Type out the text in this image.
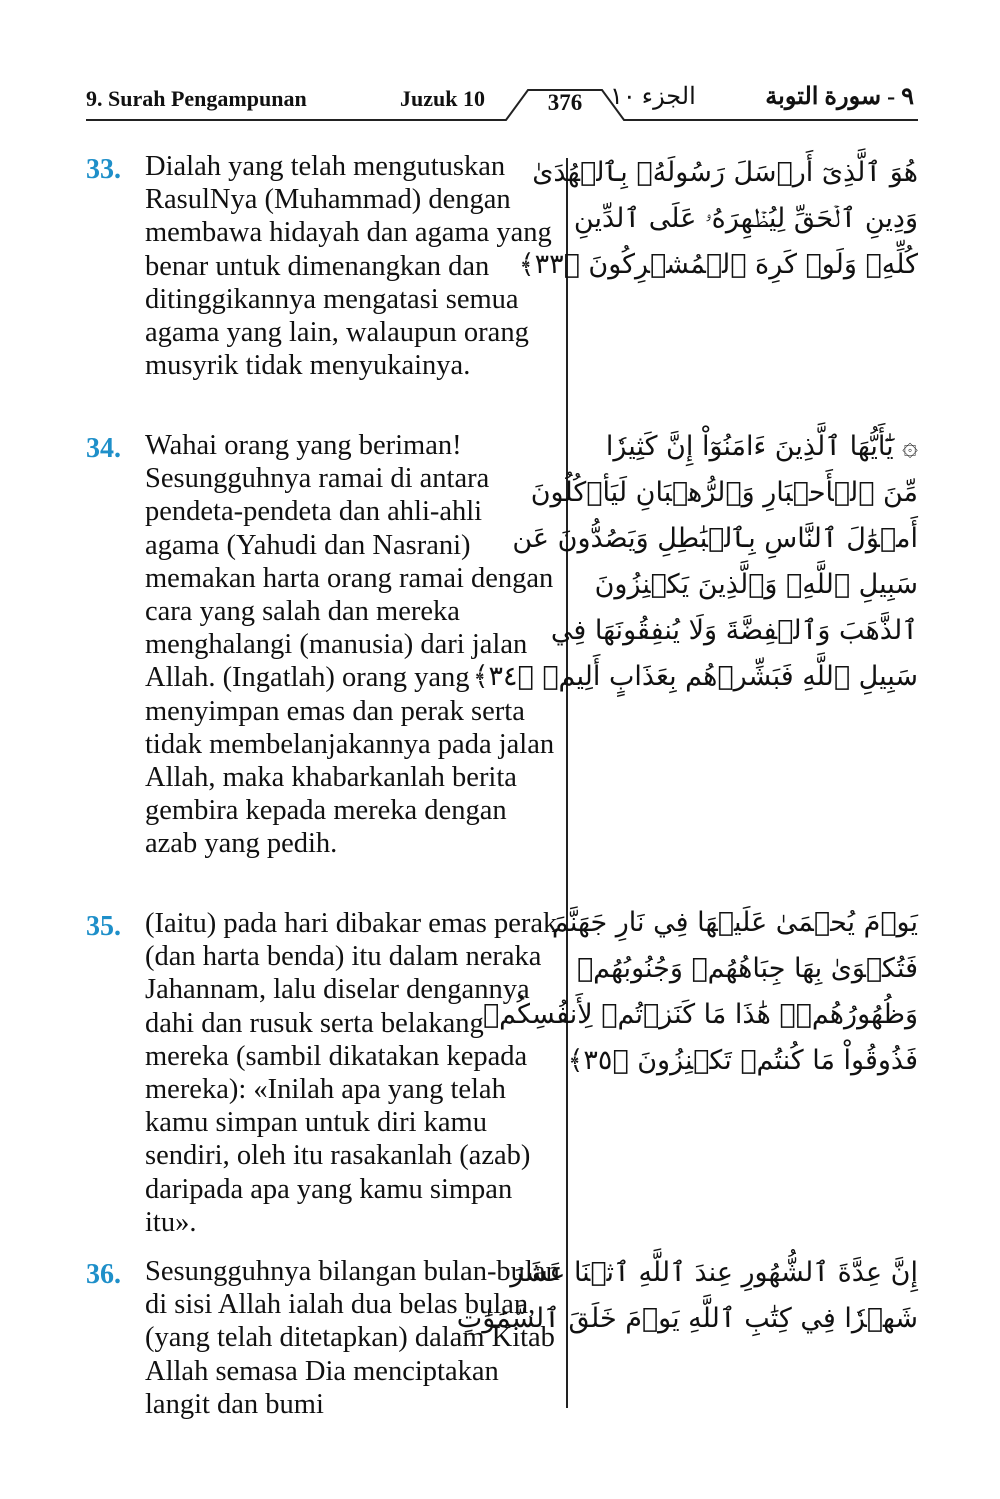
9. Surah Pengampunan	Juzuk 10	376	الجزء ١٠	٩ - سورة التوبة
33. Dialah yang telah mengutuskan RasulNya (Muhammad) dengan membawa hidayah dan agama yang benar untuk dimenangkan dan ditinggikannya mengatasi semua agama yang lain, walaupun orang musyrik tidak menyukainya.
هُوَ ٱلَّذِىٓ أَرۡسَلَ رَسُولَهُۥ بِٱلۡهُدَىٰ
وَدِينِ ٱلۡحَقِّ لِيُظۡهِرَهُۥ عَلَى ٱلدِّينِ
كُلِّهِۦ وَلَوۡ كَرِهَ ٱلۡمُشۡرِكُونَ ﴿٣٣﴾
34. Wahai orang yang beriman! Sesungguhnya ramai di antara pendeta-pendeta dan ahli-ahli agama (Yahudi dan Nasrani) memakan harta orang ramai dengan cara yang salah dan mereka menghalangi (manusia) dari jalan Allah. (Ingatlah) orang yang menyimpan emas dan perak serta tidak membelanjakannya pada jalan Allah, maka khabarkanlah berita gembira kepada mereka dengan azab yang pedih.
۞ يَٰٓأَيُّهَا ٱلَّذِينَ ءَامَنُوٓاْ إِنَّ كَثِيرٗا
مِّنَ ٱلۡأَحۡبَارِ وَٱلرُّهۡبَانِ لَيَأۡكُلُونَ
أَمۡوَٰلَ ٱلنَّاسِ بِٱلۡبَٰطِلِ وَيَصُدُّونَ عَن
سَبِيلِ ٱللَّهِۗ وَٱلَّذِينَ يَكۡنِزُونَ
ٱلذَّهَبَ وَٱلۡفِضَّةَ وَلَا يُنفِقُونَهَا فِي
سَبِيلِ ٱللَّهِ فَبَشِّرۡهُم بِعَذَابٍ أَلِيمٖ ﴿٣٤﴾
35. (Iaitu) pada hari dibakar emas perak (dan harta benda) itu dalam neraka Jahannam, lalu diselar dengannya dahi dan rusuk serta belakang mereka (sambil dikatakan kepada mereka): «Inilah apa yang telah kamu simpan untuk diri kamu sendiri, oleh itu rasakanlah (azab) daripada apa yang kamu simpan itu».
يَوۡمَ يُحۡمَىٰ عَلَيۡهَا فِي نَارِ جَهَنَّمَ
فَتُكۡوَىٰ بِهَا جِبَاهُهُمۡ وَجُنُوبُهُمۡ
وَظُهُورُهُمۡۖ هَٰذَا مَا كَنَزۡتُمۡ لِأَنفُسِكُمۡ
فَذُوقُواْ مَا كُنتُمۡ تَكۡنِزُونَ ﴿٣٥﴾
36. Sesungguhnya bilangan bulan-bulan di sisi Allah ialah dua belas bulan, (yang telah ditetapkan) dalam Kitab Allah semasa Dia menciptakan langit dan bumi
إِنَّ عِدَّةَ ٱلشُّهُورِ عِندَ ٱللَّهِ ٱثۡنَا عَشَرَ
شَهۡرٗا فِي كِتَٰبِ ٱللَّهِ يَوۡمَ خَلَقَ ٱلسَّمَٰوَٰتِ
